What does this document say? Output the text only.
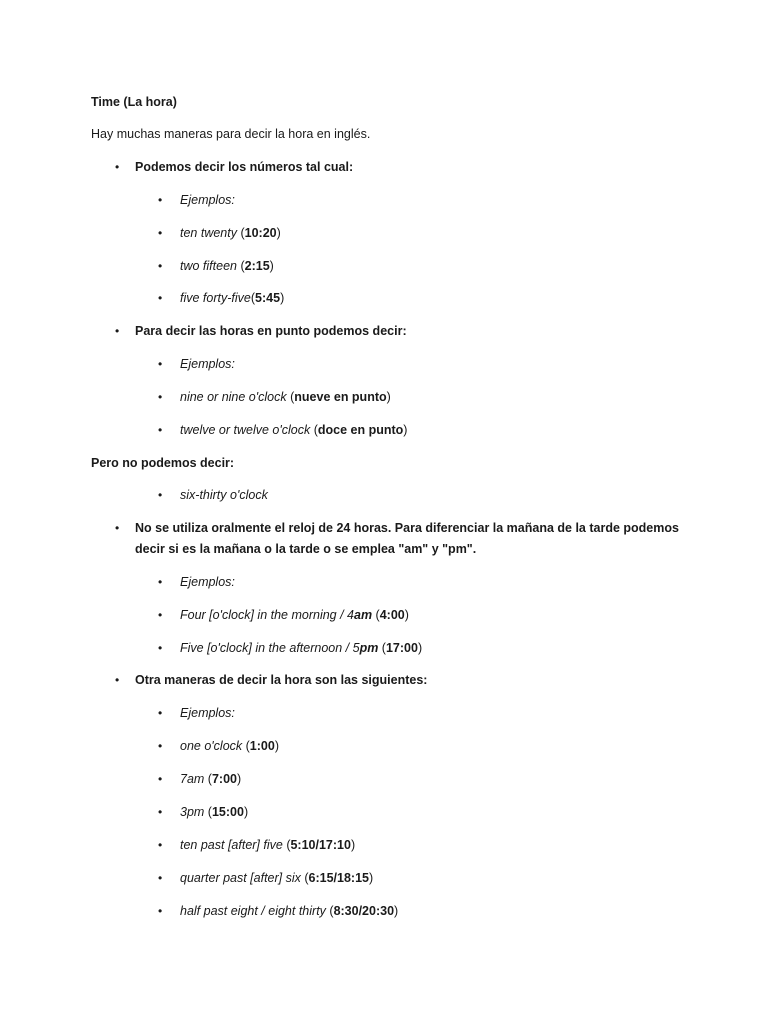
Time (La hora)
Hay muchas maneras para decir la hora en inglés.
• Podemos decir los números tal cual:
• Ejemplos:
• ten twenty (10:20)
• two fifteen (2:15)
• five forty-five(5:45)
• Para decir las horas en punto podemos decir:
• Ejemplos:
• nine or nine o'clock (nueve en punto)
• twelve or twelve o'clock (doce en punto)
Pero no podemos decir:
• six-thirty o'clock
• No se utiliza oralmente el reloj de 24 horas. Para diferenciar la mañana de la tarde podemos
decir si es la mañana o la tarde o se emplea "am" y "pm".
• Ejemplos:
• Four [o'clock] in the morning / 4am (4:00)
• Five [o'clock] in the afternoon / 5pm (17:00)
• Otra maneras de decir la hora son las siguientes:
• Ejemplos:
• one o'clock (1:00)
• 7am (7:00)
• 3pm (15:00)
• ten past [after] five (5:10/17:10)
• quarter past [after] six (6:15/18:15)
• half past eight / eight thirty (8:30/20:30)
